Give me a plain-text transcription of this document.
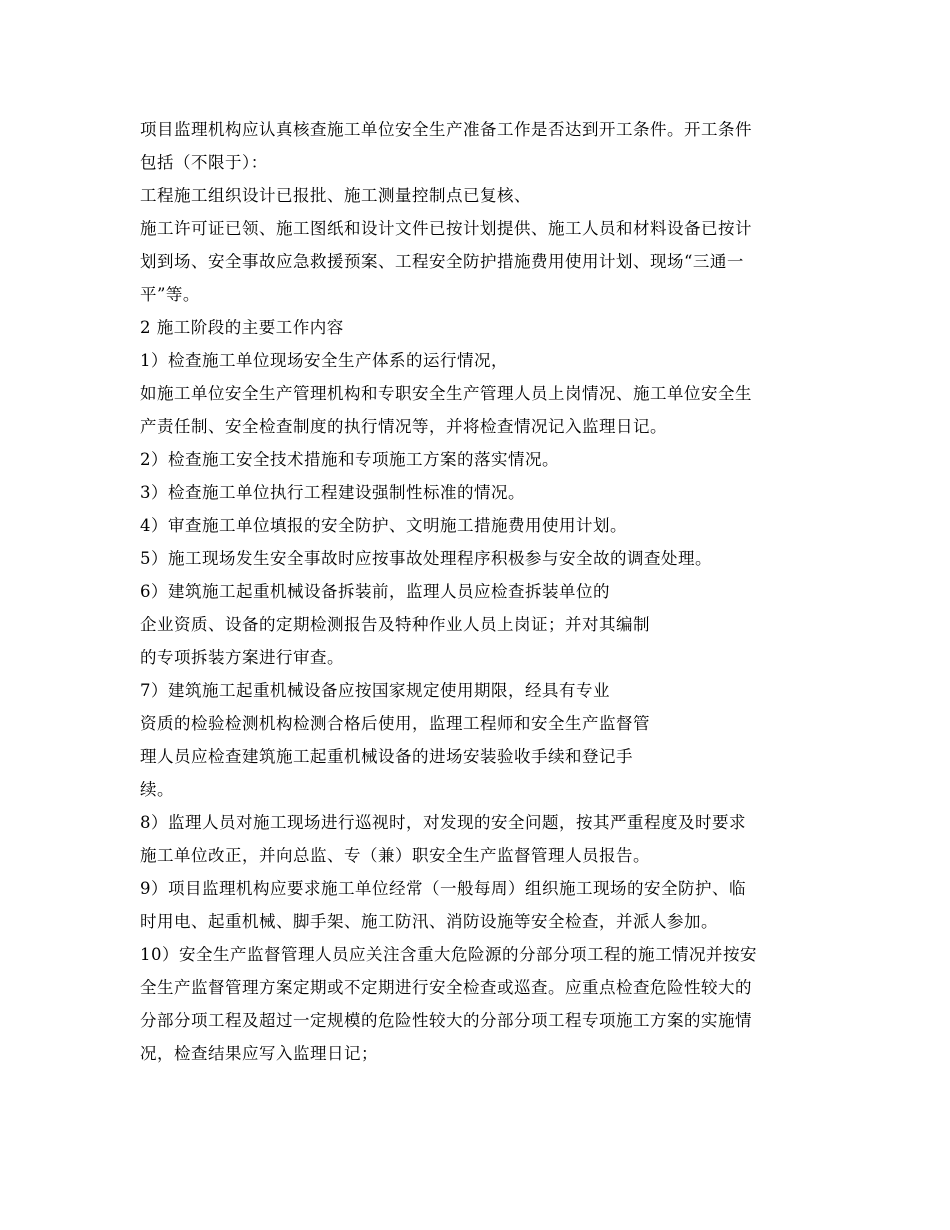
项目监理机构应认真核查施工单位安全生产准备工作是否达到开工条件。开工条件
包括（不限于）：
工程施工组织设计已报批、施工测量控制点已复核、
施工许可证已领、施工图纸和设计文件已按计划提供、施工人员和材料设备已按计
划到场、安全事故应急救援预案、工程安全防护措施费用使用计划、现场“三通一
平”等。
2 施工阶段的主要工作内容
1）检查施工单位现场安全生产体系的运行情况，
如施工单位安全生产管理机构和专职安全生产管理人员上岗情况、施工单位安全生
产责任制、安全检查制度的执行情况等，并将检查情况记入监理日记。
2）检查施工安全技术措施和专项施工方案的落实情况。
3）检查施工单位执行工程建设强制性标准的情况。
4）审查施工单位填报的安全防护、文明施工措施费用使用计划。
5）施工现场发生安全事故时应按事故处理程序积极参与安全故的调查处理。
6）建筑施工起重机械设备拆装前，监理人员应检查拆装单位的
企业资质、设备的定期检测报告及特种作业人员上岗证；并对其编制
的专项拆装方案进行审查。
7）建筑施工起重机械设备应按国家规定使用期限，经具有专业
资质的检验检测机构检测合格后使用，监理工程师和安全生产监督管
理人员应检查建筑施工起重机械设备的进场安装验收手续和登记手
续。
8）监理人员对施工现场进行巡视时，对发现的安全问题，按其严重程度及时要求
施工单位改正，并向总监、专（兼）职安全生产监督管理人员报告。
9）项目监理机构应要求施工单位经常（一般每周）组织施工现场的安全防护、临
时用电、起重机械、脚手架、施工防汛、消防设施等安全检查，并派人参加。
10）安全生产监督管理人员应关注含重大危险源的分部分项工程的施工情况并按安
全生产监督管理方案定期或不定期进行安全检查或巡查。应重点检查危险性较大的
分部分项工程及超过一定规模的危险性较大的分部分项工程专项施工方案的实施情
况，检查结果应写入监理日记；
